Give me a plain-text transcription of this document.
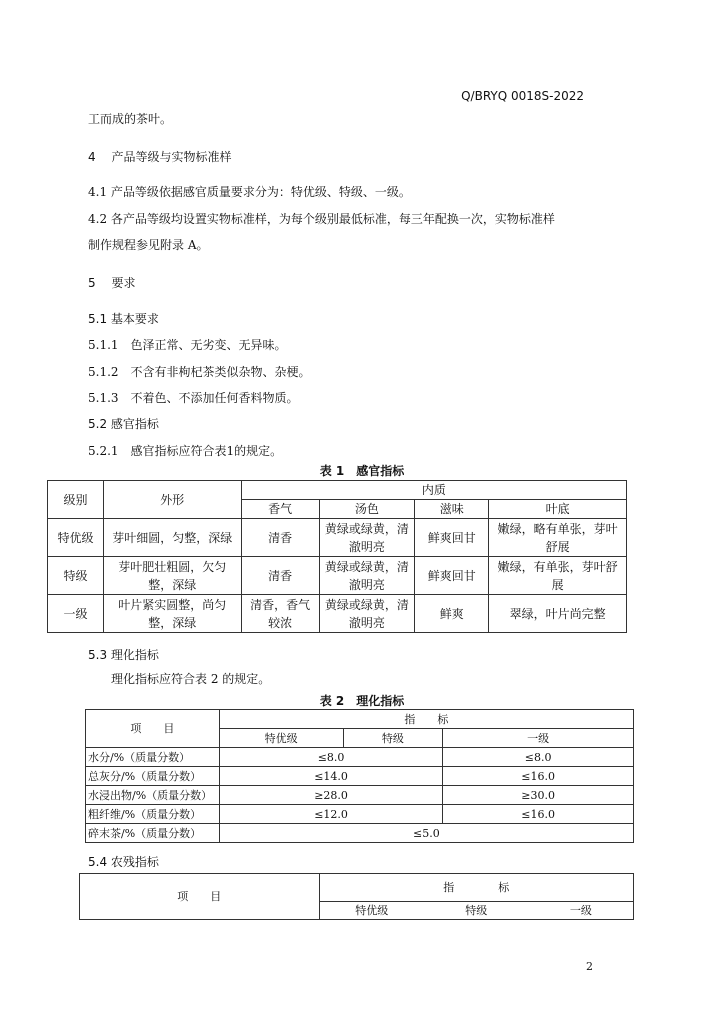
Q/BRYQ 0018S-2022
工而成的茶叶。
4　 产品等级与实物标准样
4.1 产品等级依据感官质量要求分为：特优级、特级、一级。
4.2 各产品等级均设置实物标准样，为每个级别最低标准，每三年配换一次，实物标准样
制作规程参见附录 A。
5　 要求
5.1 基本要求
5.1.1　色泽正常、无劣变、无异味。
5.1.2　不含有非枸杞茶类似杂物、杂梗。
5.1.3　不着色、不添加任何香料物质。
5.2 感官指标
5.2.1　感官指标应符合表1的规定。
表 1　感官指标
级别	外形	内质			
		香气	汤色	滋味	叶底
特优级	芽叶细圆，匀整，深绿	清香	黄绿或绿黄，清澈明亮	鲜爽回甘	嫩绿，略有单张，芽叶舒展
特级	芽叶肥壮粗圆，欠匀整，深绿	清香	黄绿或绿黄，清澈明亮	鲜爽回甘	嫩绿，有单张，芽叶舒展
一级	叶片紧实圆整，尚匀整，深绿	清香，香气较浓	黄绿或绿黄，清澈明亮	鲜爽	翠绿，叶片尚完整
5.3 理化指标
理化指标应符合表 2 的规定。
表 2　理化指标
项　　目	指　　标		
	特优级	特级	一级
水分/%（质量分数）	≤8.0		≤8.0
总灰分/%（质量分数）	≤14.0		≤16.0
水浸出物/%（质量分数）	≥28.0		≥30.0
粗纤维/%（质量分数）	≤12.0		≤16.0
碎末茶/%（质量分数）	≤5.0		
5.4 农残指标
项　　目	指　　　　标		
	特优级	特级	一级
2
